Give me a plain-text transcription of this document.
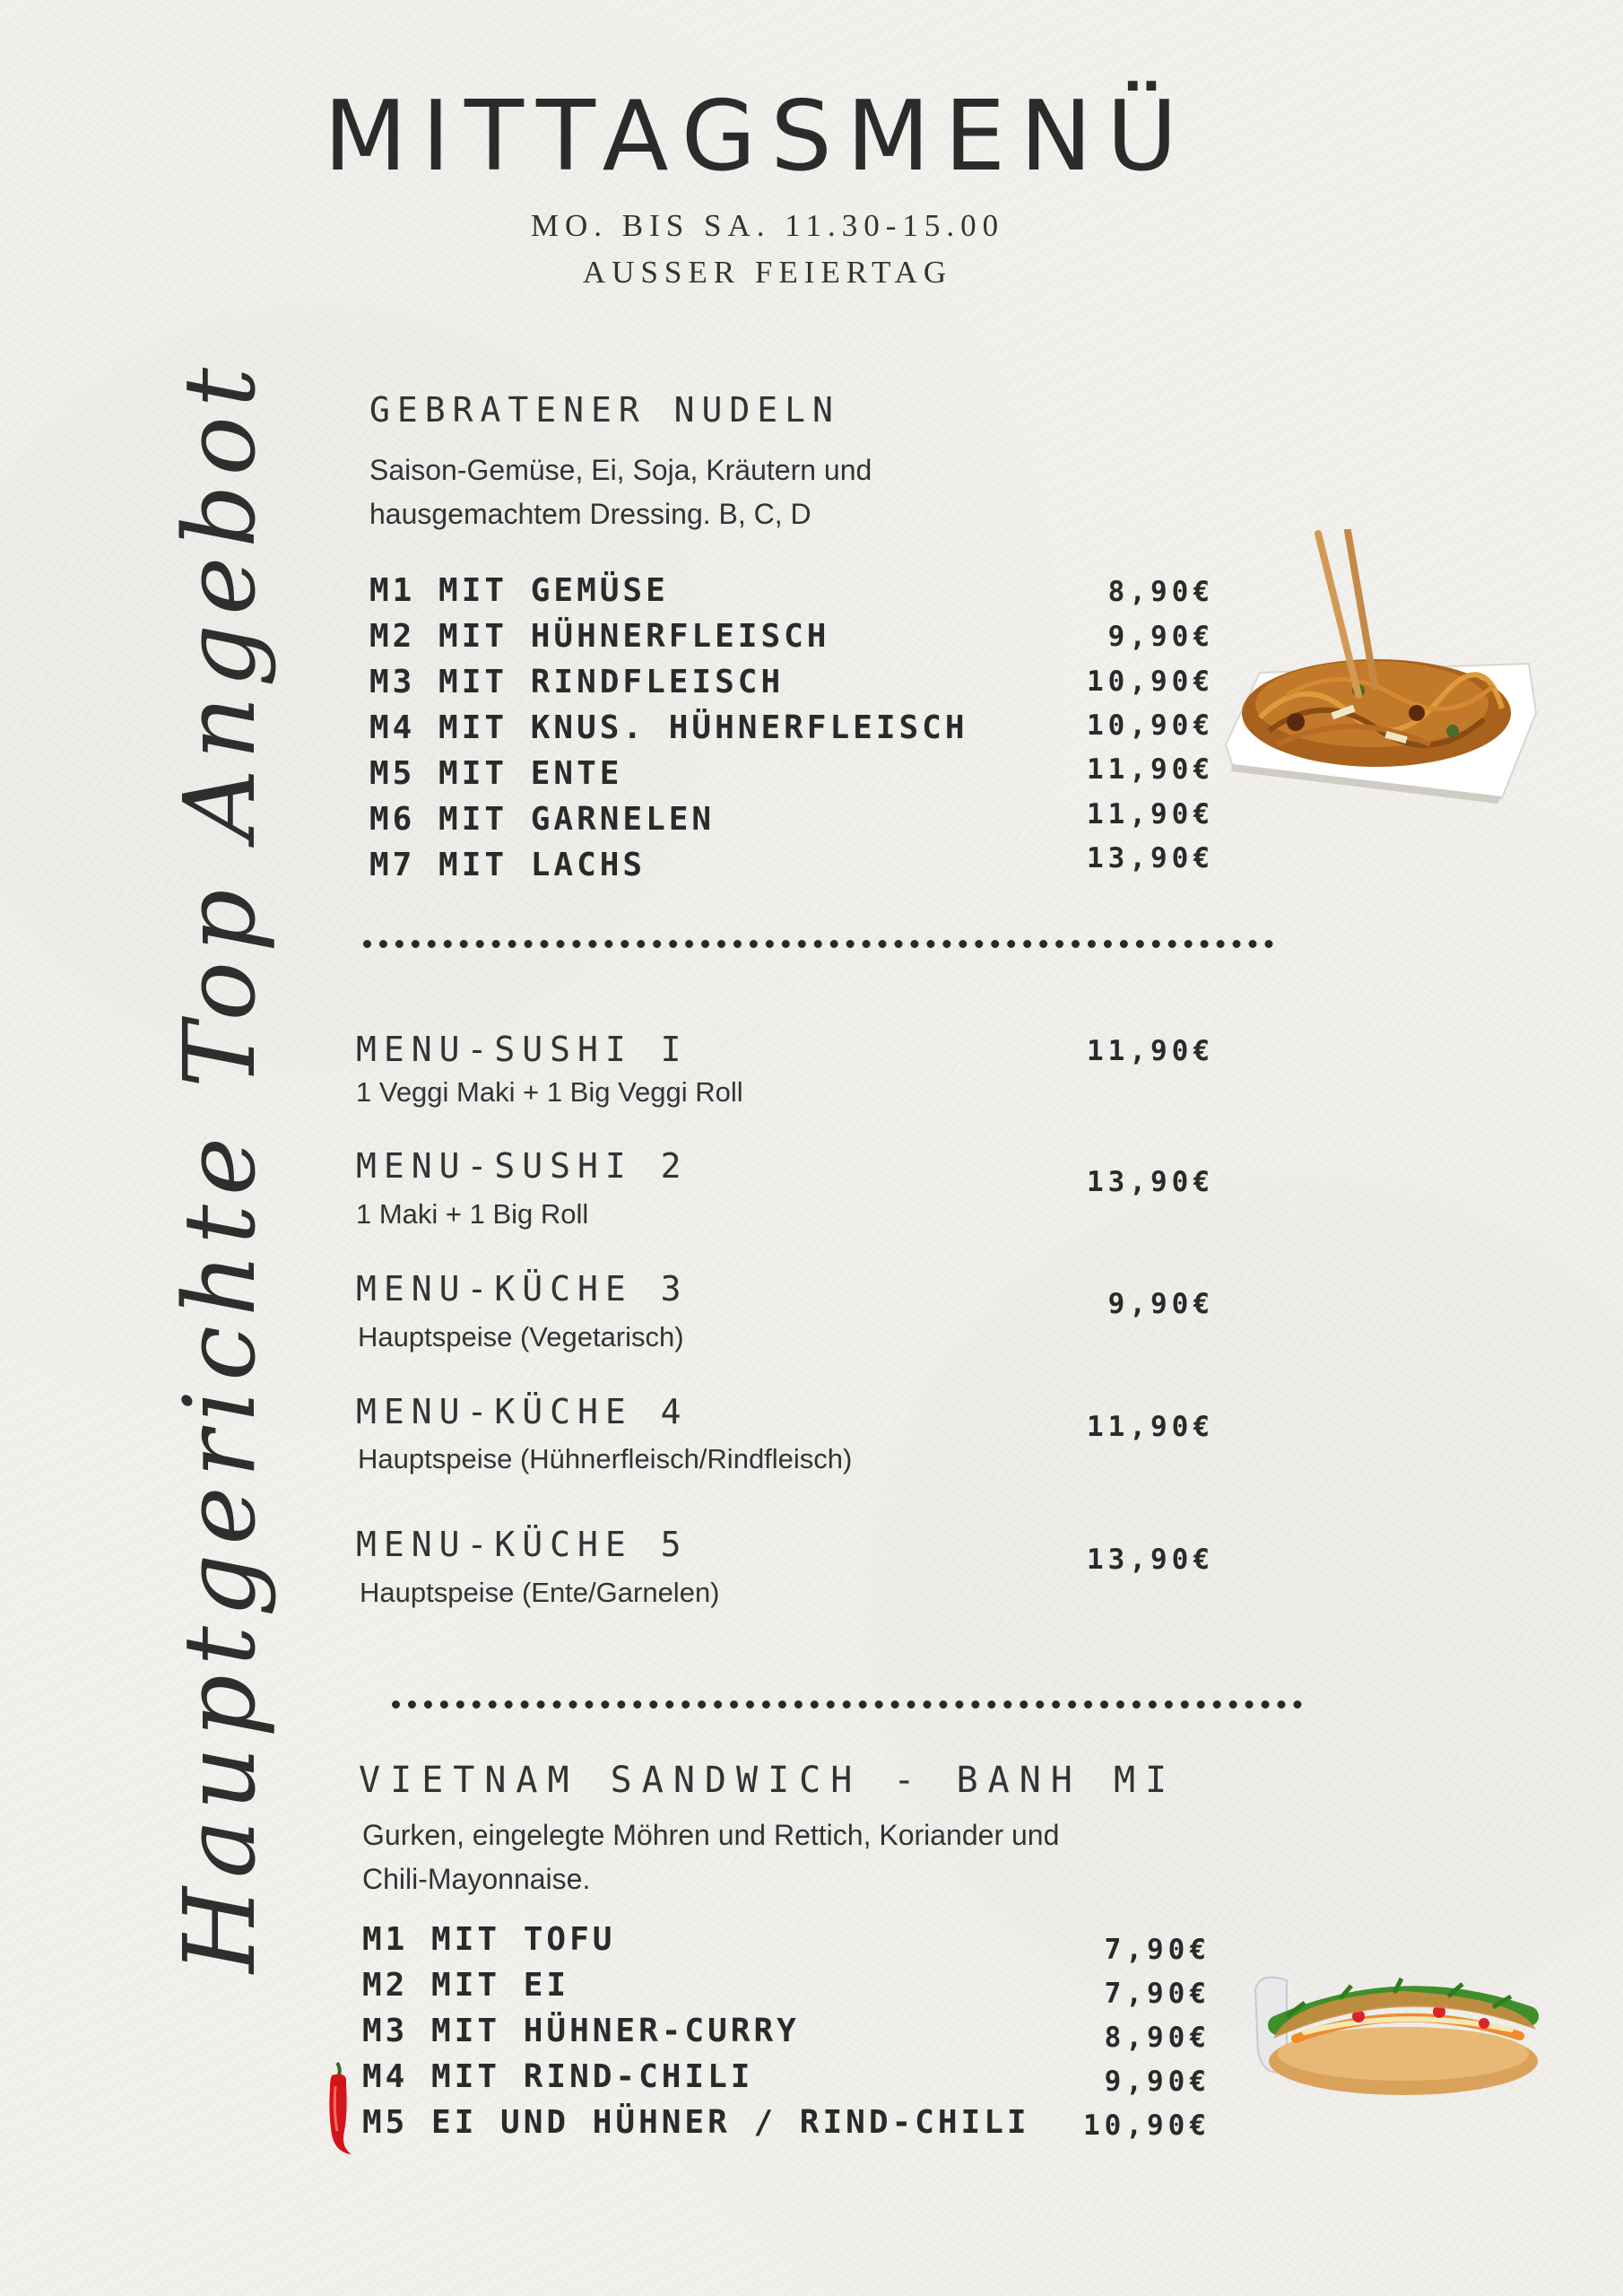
MITTAGSMENÜ
MO. BIS SA. 11.30-15.00
AUSSER FEIERTAG
Hauptgerichte Top Angebot	GEBRATENER NUDELN
Saison-Gemüse, Ei, Soja, Kräutern und
hausgemachtem Dressing. B, C, D
M1 MIT GEMÜSE	8,90€
M2 MIT HÜHNERFLEISCH	9,90€
M3 MIT RINDFLEISCH	10,90€
M4 MIT KNUS. HÜHNERFLEISCH	10,90€
M5 MIT ENTE	11,90€
M6 MIT GARNELEN	11,90€
M7 MIT LACHS	13,90€
MENU-SUSHI I
1 Veggi Maki + 1 Big Veggi Roll
11,90€
MENU-SUSHI 2
1 Maki + 1 Big Roll
13,90€
MENU-KÜCHE 3
Hauptspeise (Vegetarisch)
9,90€
MENU-KÜCHE 4
Hauptspeise (Hühnerfleisch/Rindfleisch)
11,90€
MENU-KÜCHE 5
Hauptspeise (Ente/Garnelen)
13,90€
VIETNAM SANDWICH - BANH MI
Gurken, eingelegte Möhren und Rettich, Koriander und
Chili-Mayonnaise.
M1 MIT TOFU	7,90€
M2 MIT EI	7,90€
M3 MIT HÜHNER-CURRY	8,90€
M4 MIT RIND-CHILI	9,90€
M5 EI UND HÜHNER / RIND-CHILI	10,90€
